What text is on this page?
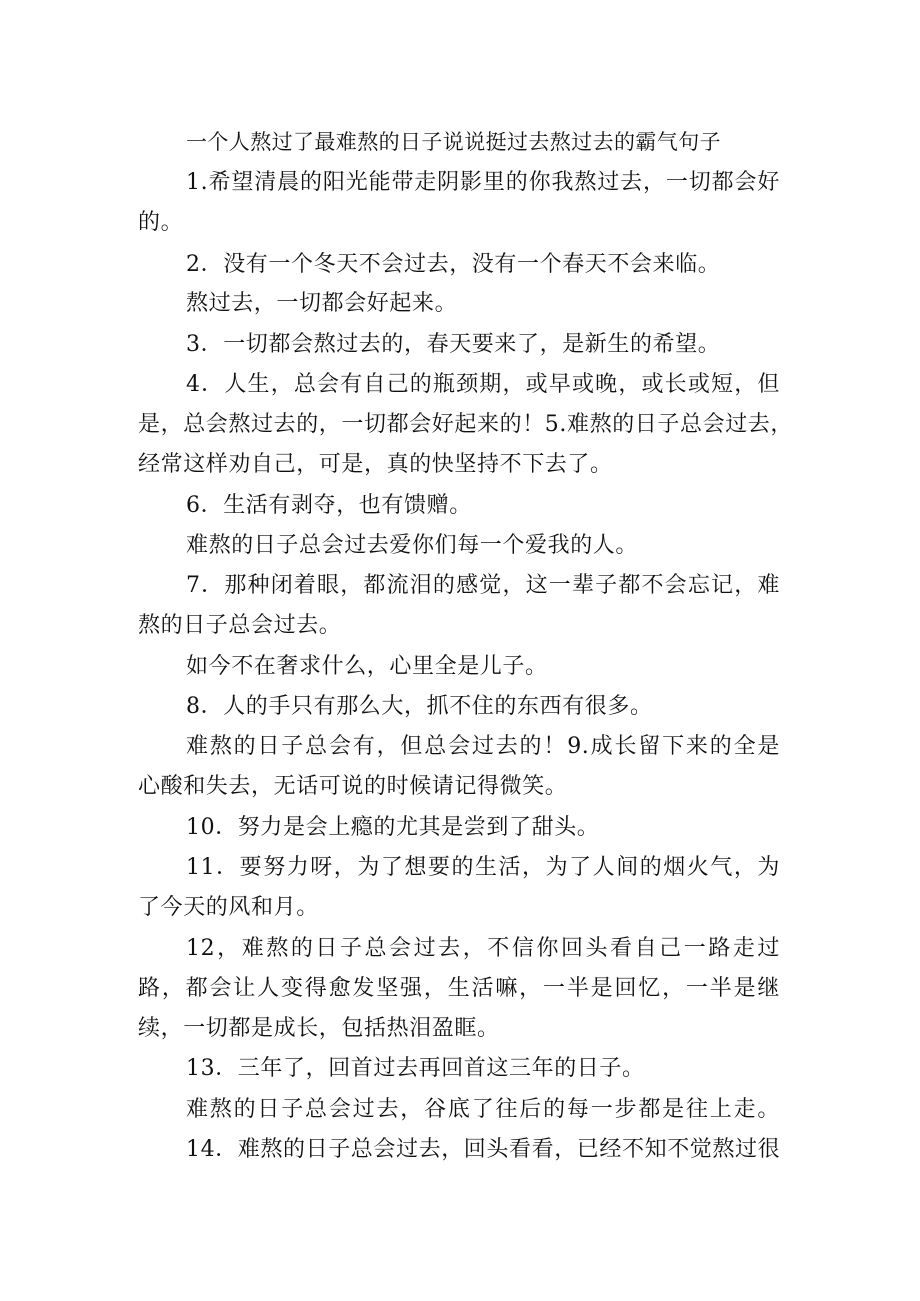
一个人熬过了最难熬的日子说说挺过去熬过去的霸气句子
1.希望清晨的阳光能带走阴影里的你我熬过去，一切都会好
的。
2．没有一个冬天不会过去，没有一个春天不会来临。
熬过去，一切都会好起来。
3．一切都会熬过去的，春天要来了，是新生的希望。
4．人生，总会有自己的瓶颈期，或早或晚，或长或短，但
是，总会熬过去的，一切都会好起来的！5.难熬的日子总会过去，
经常这样劝自己，可是，真的快坚持不下去了。
6．生活有剥夺，也有馈赠。
难熬的日子总会过去爱你们每一个爱我的人。
7．那种闭着眼，都流泪的感觉，这一辈子都不会忘记，难
熬的日子总会过去。
如今不在奢求什么，心里全是儿子。
8．人的手只有那么大，抓不住的东西有很多。
难熬的日子总会有，但总会过去的！9.成长留下来的全是
心酸和失去，无话可说的时候请记得微笑。
10．努力是会上瘾的尤其是尝到了甜头。
11．要努力呀，为了想要的生活，为了人间的烟火气，为
了今天的风和月。
12，难熬的日子总会过去，不信你回头看自己一路走过
路，都会让人变得愈发坚强，生活嘛，一半是回忆，一半是继
续，一切都是成长，包括热泪盈眶。
13．三年了，回首过去再回首这三年的日子。
难熬的日子总会过去，谷底了往后的每一步都是往上走。
14．难熬的日子总会过去，回头看看，已经不知不觉熬过很
